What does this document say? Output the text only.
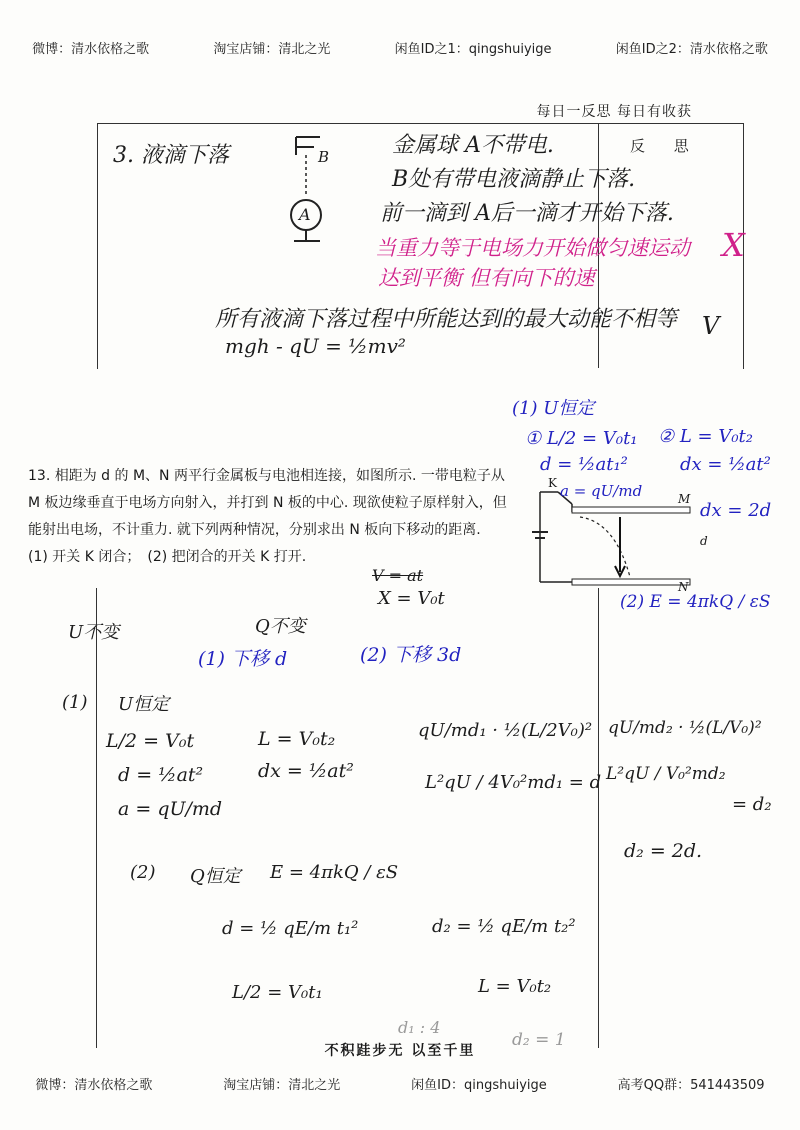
微博：清水依格之歌	淘宝店铺：清北之光	闲鱼ID之1：qingshuiyige	闲鱼ID之2：清水依格之歌
每日一反思 每日有收获
反 思
3. 液滴下落	B
A
金属球 A不带电.
B处有带电液滴静止下落.
前一滴到 A后一滴才开始下落.
当重力等于电场力开始做匀速运动
达到平衡 但有向下的速
X
所有液滴下落过程中所能达到的最大动能不相等 V
mgh - qU = ½mv²
13. 相距为 d 的 M、N 两平行金属板与电池相连接，如图所示. 一带电粒子从 M 板边缘垂直于电场方向射入，并打到 N 板的中心. 现欲使粒子原样射入，但能射出电场，不计重力. 就下列两种情况，分别求出 N 板向下移动的距离.
(1) 开关 K 闭合；　(2) 把闭合的开关 K 打开.
K
M
N
d
(1) U恒定
① L/2 = V₀t₁
d = ½at₁²
a = qU/md
② L = V₀t₂
dx = ½at²
dx = 2d
(2) E = 4πkQ / εS
V = at
X = V₀t
U不变	Q不变
(1) 下移 d	(2) 下移 3d
(1) U恒定
L/2 = V₀t
d = ½at²
a = qU/md
L = V₀t₂
dx = ½at²
qU/md₁ · ½(L/2V₀)²
L²qU / 4V₀²md₁ = d
qU/md₂ · ½(L/V₀)²
L²qU / V₀²md₂
= d₂
d₂ = 2d.
(2) Q恒定 E = 4πkQ / εS
d = ½ qE/m t₁²
L/2 = V₀t₁
d₂ = ½ qE/m t₂²
L = V₀t₂
d₁ : 4
d₂ = 1
不积跬步无 以至千里
微博：清水依格之歌	淘宝店铺：清北之光	闲鱼ID：qingshuiyige	高考QQ群：541443509
